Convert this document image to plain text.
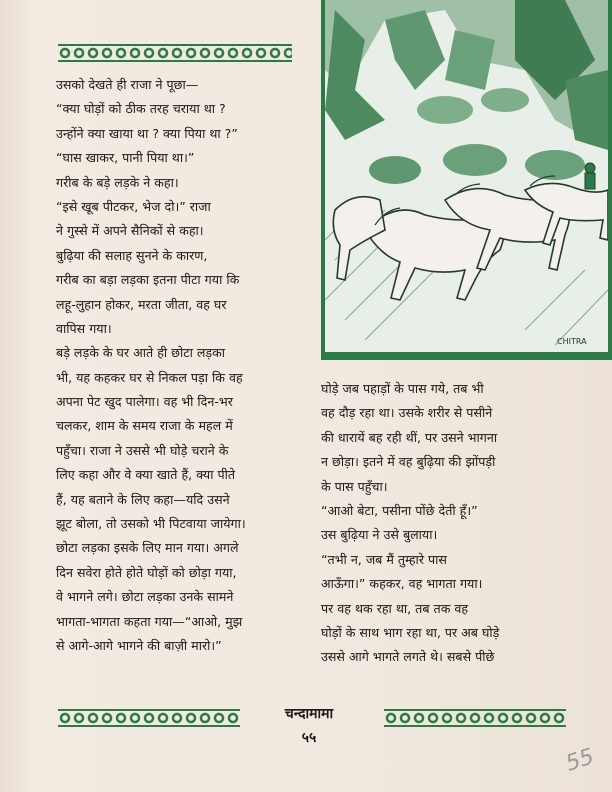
उसको देखते ही राजा ने पूछा—
“क्या घोड़ों को ठीक तरह चराया था ?
उन्होंने क्या खाया था ? क्या पिया था ?”
“घास खाकर, पानी पिया था।”
गरीब के बड़े लड़के ने कहा।
“इसे खूब पीटकर, भेज दो।” राजा
ने गुस्से में अपने सैनिकों से कहा।
बुढ़िया की सलाह सुनने के कारण,
गरीब का बड़ा लड़का इतना पीटा गया कि
लहू-लुहान होकर, मरता जीता, वह घर
वापिस गया।
बड़े लड़के के घर आते ही छोटा लड़का
भी, यह कहकर घर से निकल पड़ा कि वह
अपना पेट खुद पालेगा। वह भी दिन-भर
चलकर, शाम के समय राजा के महल में
पहुँचा। राजा ने उससे भी घोड़े चराने के
लिए कहा और वे क्या खाते हैं, क्या पीते
हैं, यह बताने के लिए कहा—यदि उसने
झूट बोला, तो उसको भी पिटवाया जायेगा।
छोटा लड़का इसके लिए मान गया। अगले
दिन सवेरा होते होते घोड़ों को छोड़ा गया,
वे भागने लगे। छोटा लड़का उनके सामने
भागता-भागता कहता गया—“आओ, मुझ
से आगे-आगे भागने की बाज़ी मारो।”
CHITRA
घोड़े जब पहाड़ों के पास गये, तब भी
वह दौड़ रहा था। उसके शरीर से पसीने
की धारायें बह रही थीं, पर उसने भागना
न छोड़ा। इतने में वह बुढ़िया की झोंपड़ी
के पास पहुँचा।
“आओ बेटा, पसीना पोंछे देती हूँ।”
उस बुढ़िया ने उसे बुलाया।
“तभी न, जब मैं तुम्हारे पास
आऊँगा।” कहकर, वह भागता गया।
पर वह थक रहा था, तब तक वह
घोड़ों के साथ भाग रहा था, पर अब घोड़े
उससे आगे भागते लगते थे। सबसे पीछे
चन्दामामा
५५
55
